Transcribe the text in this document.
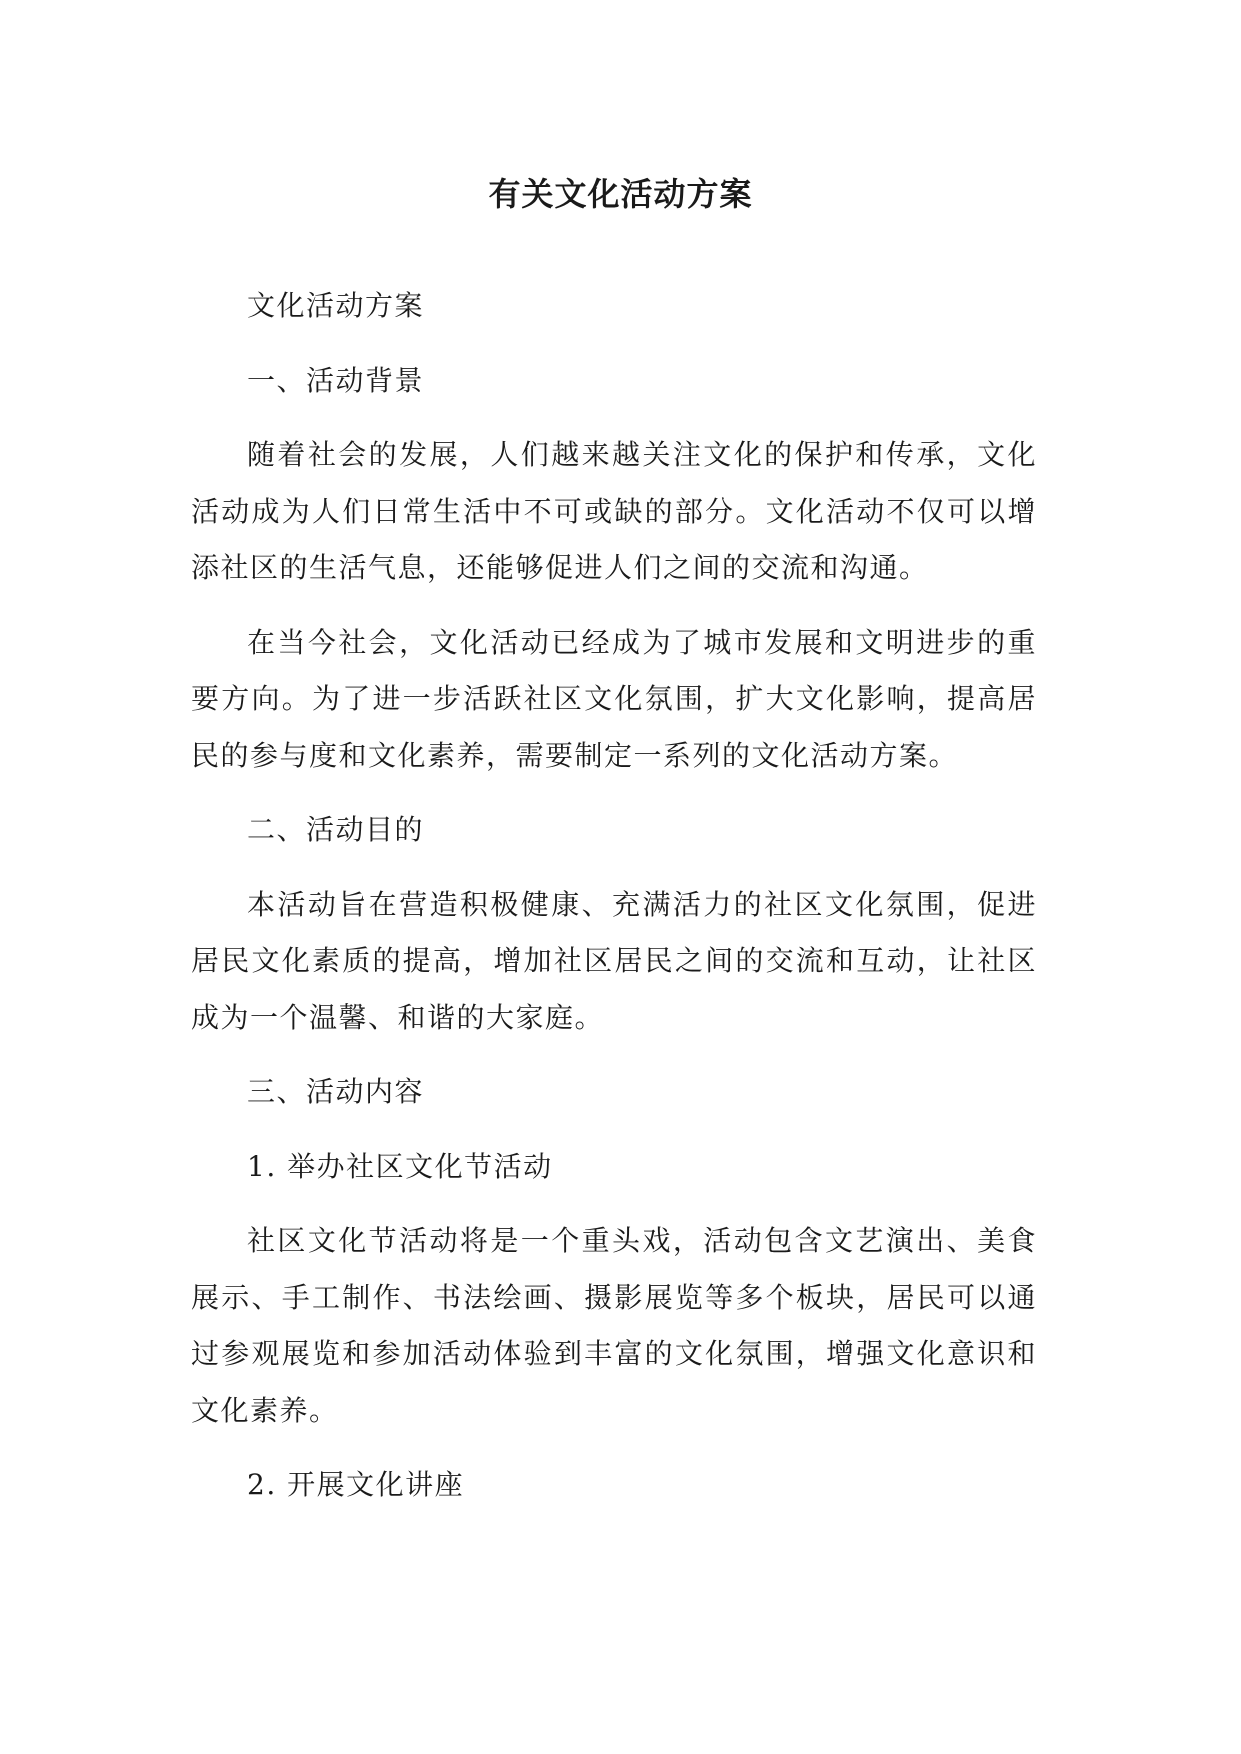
有关文化活动方案

文化活动方案

一、活动背景

随着社会的发展，人们越来越关注文化的保护和传承，文化活动成为人们日常生活中不可或缺的部分。文化活动不仅可以增添社区的生活气息，还能够促进人们之间的交流和沟通。

在当今社会，文化活动已经成为了城市发展和文明进步的重要方向。为了进一步活跃社区文化氛围，扩大文化影响，提高居民的参与度和文化素养，需要制定一系列的文化活动方案。

二、活动目的

本活动旨在营造积极健康、充满活力的社区文化氛围，促进居民文化素质的提高，增加社区居民之间的交流和互动，让社区成为一个温馨、和谐的大家庭。

三、活动内容

1. 举办社区文化节活动

社区文化节活动将是一个重头戏，活动包含文艺演出、美食展示、手工制作、书法绘画、摄影展览等多个板块，居民可以通过参观展览和参加活动体验到丰富的文化氛围，增强文化意识和文化素养。

2. 开展文化讲座
